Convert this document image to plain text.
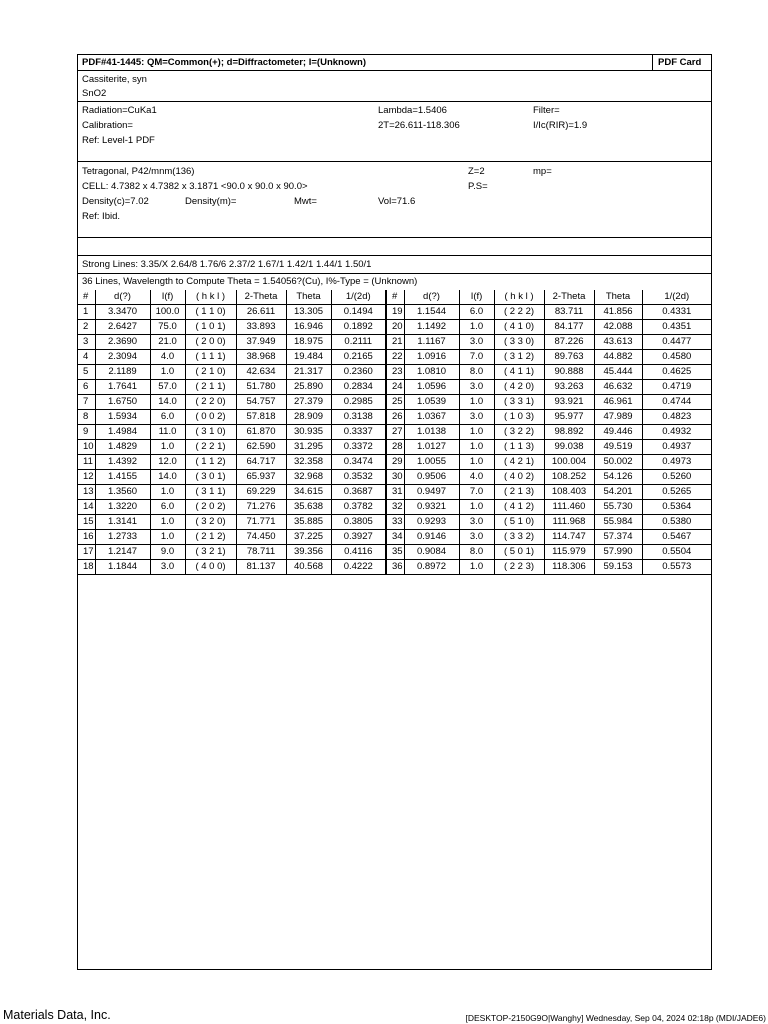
PDF#41-1445: QM=Common(+); d=Diffractometer; I=(Unknown)	PDF Card
Cassiterite, syn
SnO2
Radiation=CuKa1	Lambda=1.5406	Filter=
Calibration=	2T=26.611-118.306	I/Ic(RIR)=1.9
Ref: Level-1 PDF
Tetragonal, P42/mnm(136)	Z=2	mp=
CELL: 4.7382 x 4.7382 x 3.1871 <90.0 x 90.0 x 90.0>	P.S=
Density(c)=7.02	Density(m)=	Mwt=	Vol=71.6
Ref: Ibid.
Strong Lines: 3.35/X 2.64/8 1.76/6 2.37/2 1.67/1 1.42/1 1.44/1 1.50/1
36 Lines, Wavelength to Compute Theta = 1.54056?(Cu), I%-Type = (Unknown)
#	d(?)	I(f)	( h k l )	2-Theta	Theta	1/(2d)	#	d(?)	I(f)	( h k l )	2-Theta	Theta	1/(2d)
1	3.3470	100.0	( 1 1 0)	26.611	13.305	0.1494	19	1.1544	6.0	( 2 2 2)	83.711	41.856	0.4331
2	2.6427	75.0	( 1 0 1)	33.893	16.946	0.1892	20	1.1492	1.0	( 4 1 0)	84.177	42.088	0.4351
3	2.3690	21.0	( 2 0 0)	37.949	18.975	0.2111	21	1.1167	3.0	( 3 3 0)	87.226	43.613	0.4477
4	2.3094	4.0	( 1 1 1)	38.968	19.484	0.2165	22	1.0916	7.0	( 3 1 2)	89.763	44.882	0.4580
5	2.1189	1.0	( 2 1 0)	42.634	21.317	0.2360	23	1.0810	8.0	( 4 1 1)	90.888	45.444	0.4625
6	1.7641	57.0	( 2 1 1)	51.780	25.890	0.2834	24	1.0596	3.0	( 4 2 0)	93.263	46.632	0.4719
7	1.6750	14.0	( 2 2 0)	54.757	27.379	0.2985	25	1.0539	1.0	( 3 3 1)	93.921	46.961	0.4744
8	1.5934	6.0	( 0 0 2)	57.818	28.909	0.3138	26	1.0367	3.0	( 1 0 3)	95.977	47.989	0.4823
9	1.4984	11.0	( 3 1 0)	61.870	30.935	0.3337	27	1.0138	1.0	( 3 2 2)	98.892	49.446	0.4932
10	1.4829	1.0	( 2 2 1)	62.590	31.295	0.3372	28	1.0127	1.0	( 1 1 3)	99.038	49.519	0.4937
11	1.4392	12.0	( 1 1 2)	64.717	32.358	0.3474	29	1.0055	1.0	( 4 2 1)	100.004	50.002	0.4973
12	1.4155	14.0	( 3 0 1)	65.937	32.968	0.3532	30	0.9506	4.0	( 4 0 2)	108.252	54.126	0.5260
13	1.3560	1.0	( 3 1 1)	69.229	34.615	0.3687	31	0.9497	7.0	( 2 1 3)	108.403	54.201	0.5265
14	1.3220	6.0	( 2 0 2)	71.276	35.638	0.3782	32	0.9321	1.0	( 4 1 2)	111.460	55.730	0.5364
15	1.3141	1.0	( 3 2 0)	71.771	35.885	0.3805	33	0.9293	3.0	( 5 1 0)	111.968	55.984	0.5380
16	1.2733	1.0	( 2 1 2)	74.450	37.225	0.3927	34	0.9146	3.0	( 3 3 2)	114.747	57.374	0.5467
17	1.2147	9.0	( 3 2 1)	78.711	39.356	0.4116	35	0.9084	8.0	( 5 0 1)	115.979	57.990	0.5504
18	1.1844	3.0	( 4 0 0)	81.137	40.568	0.4222	36	0.8972	1.0	( 2 2 3)	118.306	59.153	0.5573
Materials Data, Inc.	[DESKTOP-2150G9O|Wanghy] Wednesday, Sep 04, 2024 02:18p (MDI/JADE6)
